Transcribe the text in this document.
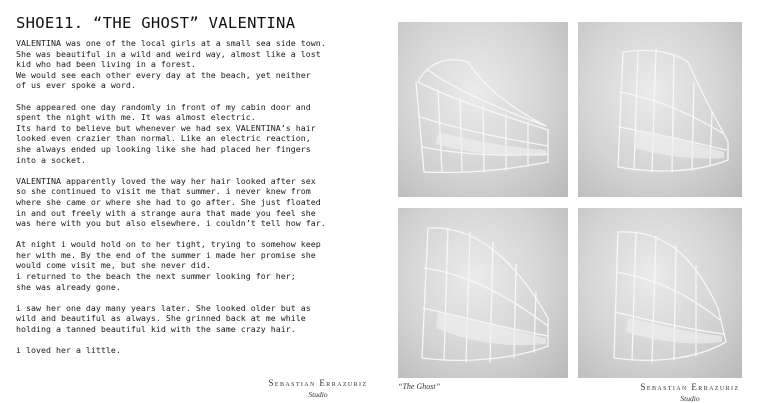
SHOE11. “THE GHOST” VALENTINA

VALENTINA was one of the local girls at a small sea side town.
She was beautiful in a wild and weird way, almost like a lost
kid who had been living in a forest.
We would see each other every day at the beach, yet neither
of us ever spoke a word.

She appeared one day randomly in front of my cabin door and
spent the night with me. It was almost electric.
Its hard to believe but whenever we had sex VALENTINA’s hair
looked even crazier than normal. Like an electric reaction,
she always ended up looking like she had placed her fingers
into a socket.

VALENTINA apparently loved the way her hair looked after sex
so she continued to visit me that summer. i never knew from
where she came or where she had to go after. She just floated
in and out freely with a strange aura that made you feel she
was here with you but also elsewhere. i couldn’t tell how far.

At night i would hold on to her tight, trying to somehow keep
her with me. By the end of the summer i made her promise she
would come visit me, but she never did.
i returned to the beach the next summer looking for her;
she was already gone.

i saw her one day many years later. She looked older but as
wild and beautiful as always. She grinned back at me while
holding a tanned beautiful kid with the same crazy hair.

i loved her a little.

Sebastian Errazuriz
Studio
“The Ghost”	Sebastian Errazuriz
Studio
